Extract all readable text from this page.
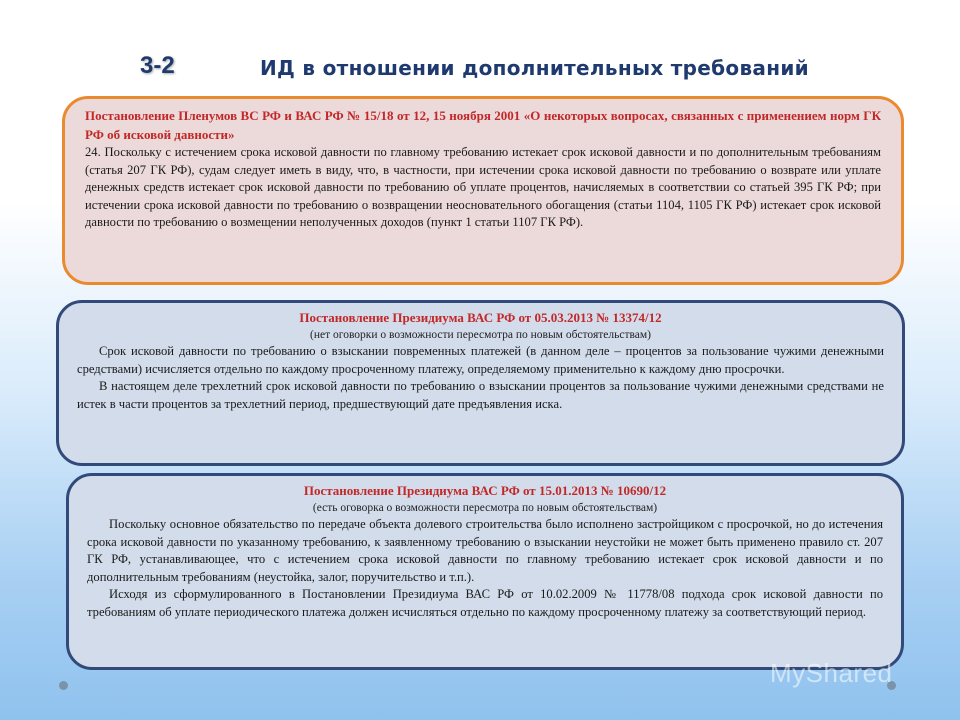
3-2	ИД в отношении дополнительных требований

Постановление Пленумов ВС РФ и ВАС РФ № 15/18 от 12, 15 ноября 2001 «О некоторых вопросах, связанных с применением норм ГК РФ об исковой давности»

24. Поскольку с истечением срока исковой давности по главному требованию истекает срок исковой давности и по дополнительным требованиям (статья 207 ГК РФ), судам следует иметь в виду, что, в частности, при истечении срока исковой давности по требованию о возврате или уплате денежных средств истекает срок исковой давности по требованию об уплате процентов, начисляемых в соответствии со статьей 395 ГК РФ; при истечении срока исковой давности по требованию о возвращении неосновательного обогащения (статьи 1104, 1105 ГК РФ) истекает срок исковой давности по требованию о возмещении неполученных доходов (пункт 1 статьи 1107 ГК РФ).

Постановление Президиума ВАС РФ от 05.03.2013 № 13374/12

(нет оговорки о возможности пересмотра по новым обстоятельствам)

Срок исковой давности по требованию о взыскании повременных платежей (в данном деле – процентов за пользование чужими денежными средствами) исчисляется отдельно по каждому просроченному платежу, определяемому применительно к каждому дню просрочки.

В настоящем деле трехлетний срок исковой давности по требованию о взыскании процентов за пользование чужими денежными средствами не истек в части процентов за трехлетний период, предшествующий дате предъявления иска.

Постановление Президиума ВАС РФ от 15.01.2013 № 10690/12

(есть оговорка о возможности пересмотра по новым обстоятельствам)

Поскольку основное обязательство по передаче объекта долевого строительства было исполнено застройщиком с просрочкой, но до истечения срока исковой давности по указанному требованию, к заявленному требованию о взыскании неустойки не может быть применено правило ст. 207 ГК РФ, устанавливающее, что с истечением срока исковой давности по главному требованию истекает срок исковой давности и по дополнительным требованиям (неустойка, залог, поручительство и т.п.).

Исходя из сформулированного в Постановлении Президиума ВАС РФ от 10.02.2009 № 11778/08 подхода срок исковой давности по требованиям об уплате периодического платежа должен исчисляться отдельно по каждому просроченному платежу за соответствующий период.

MyShared
